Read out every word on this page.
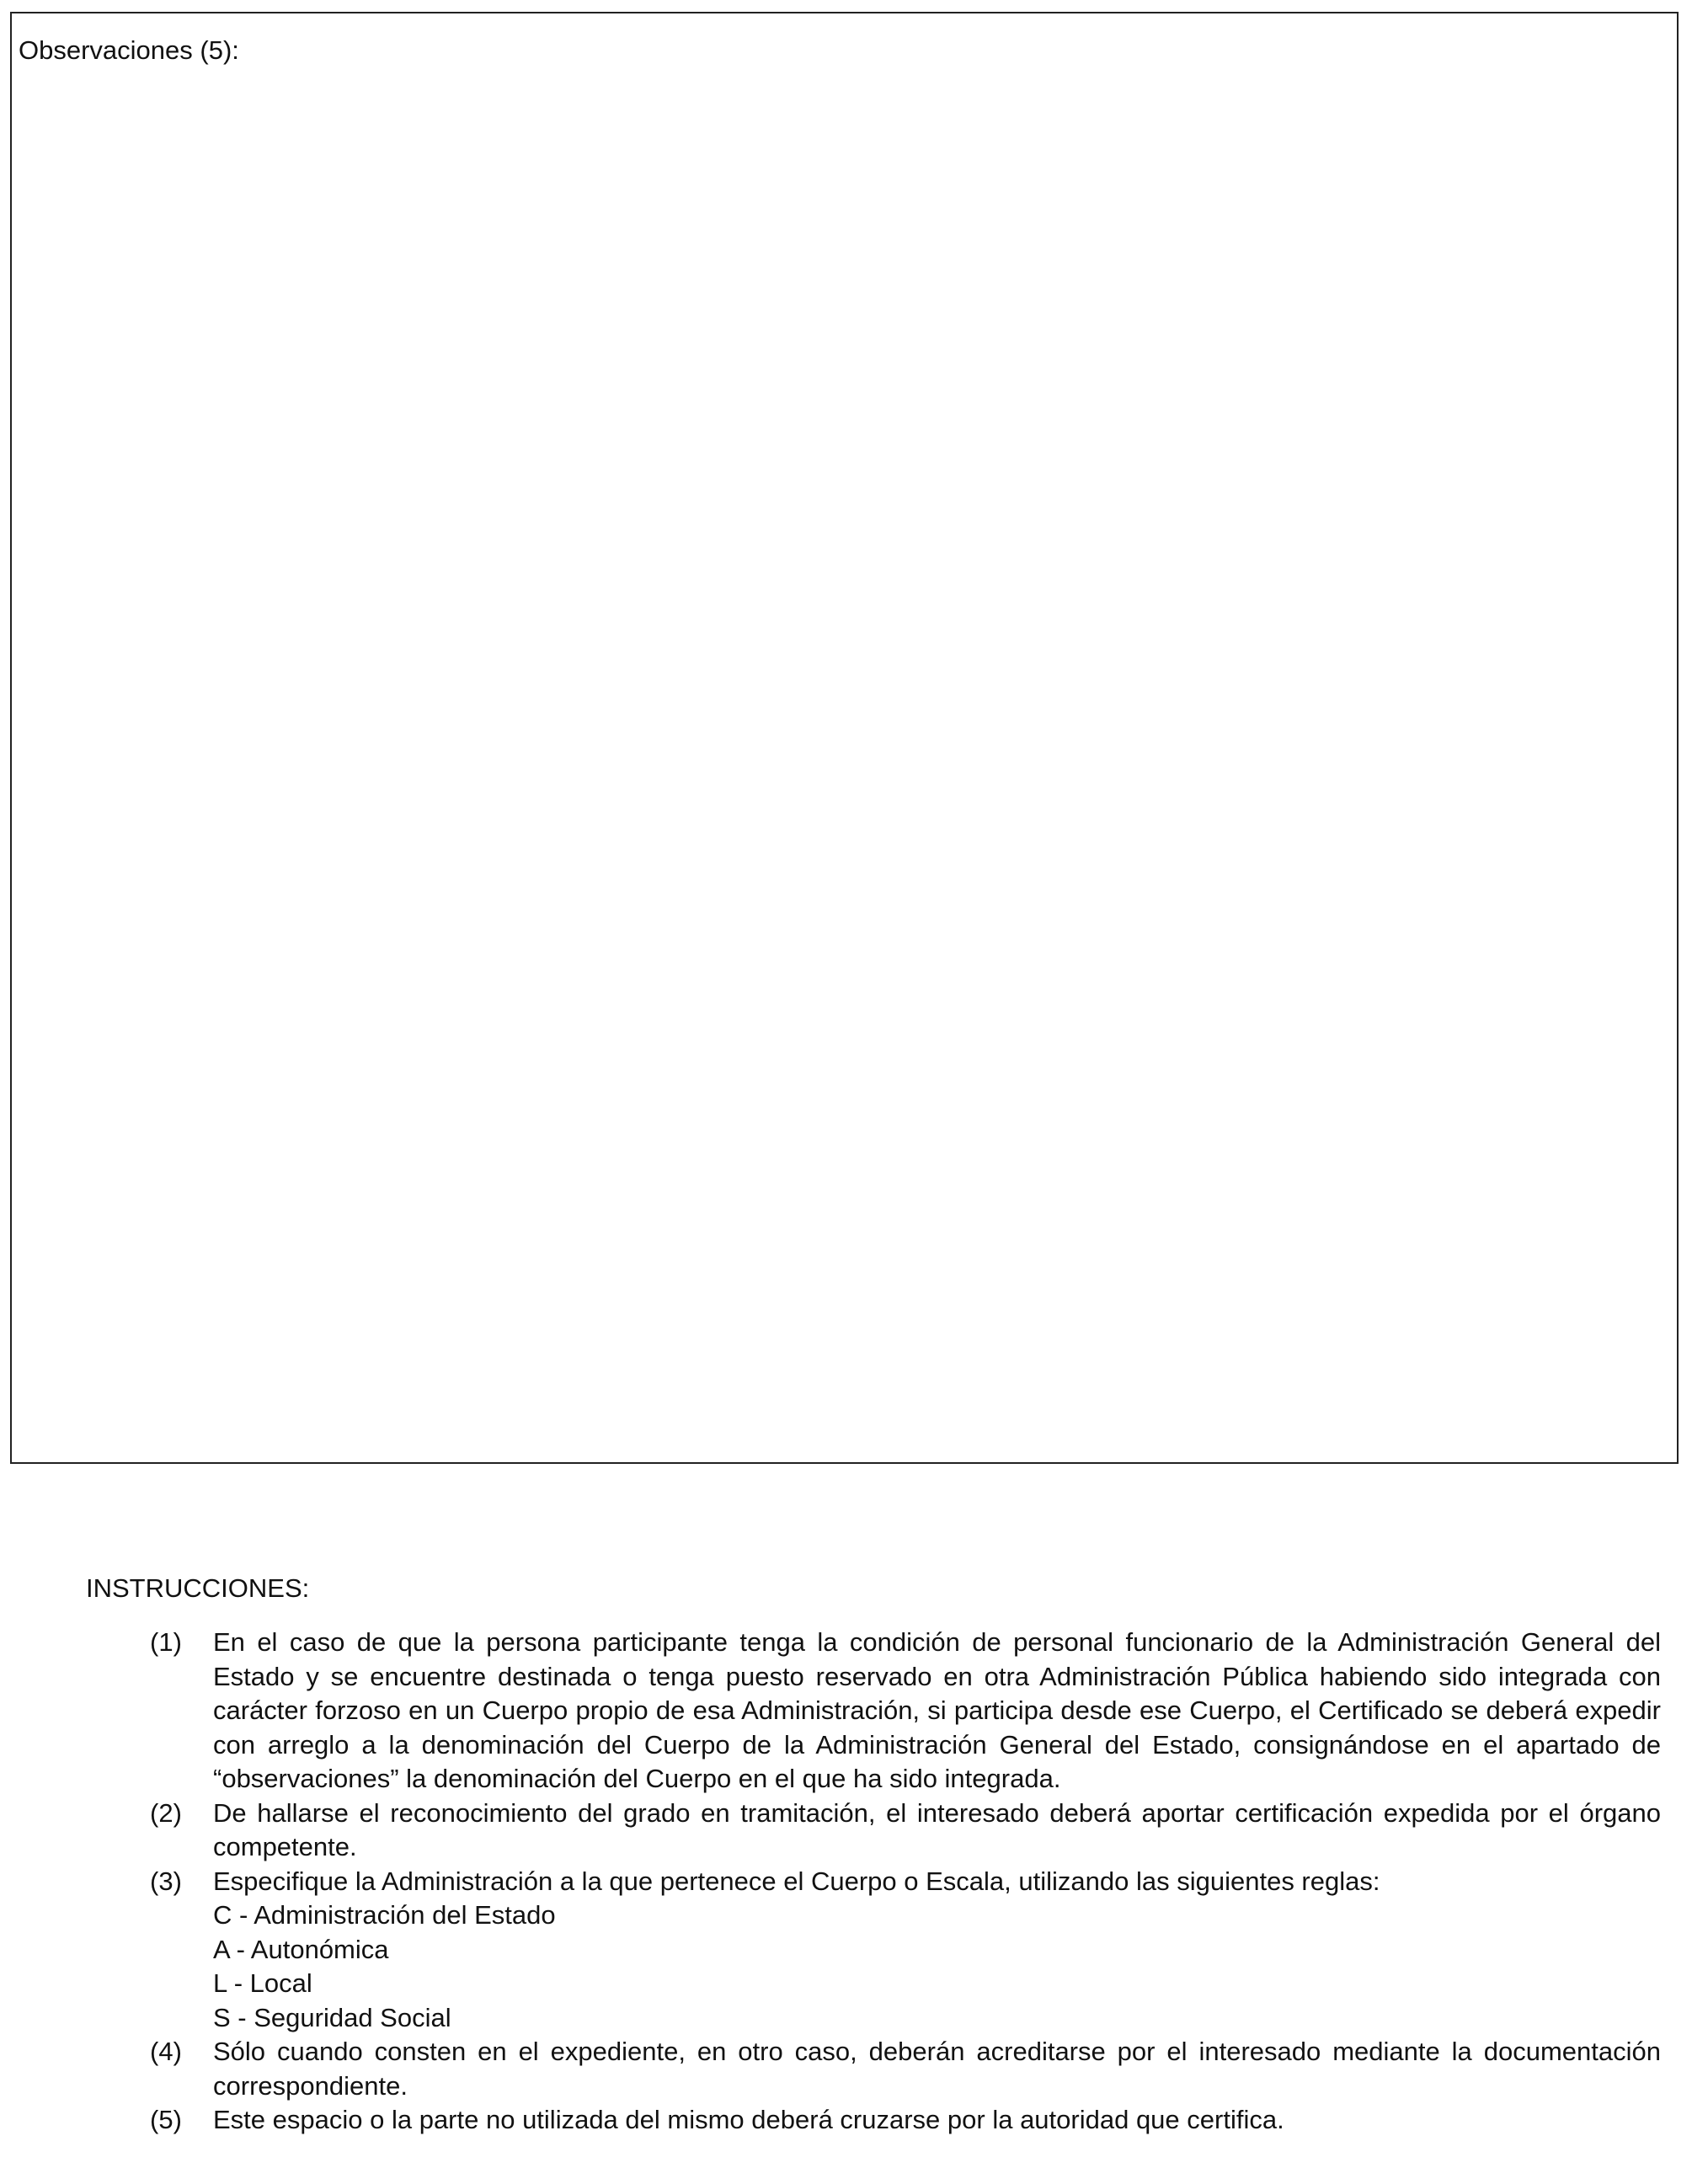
Observaciones (5):
INSTRUCCIONES:
(1) En el caso de que la persona participante tenga la condición de personal funcionario de la Administración General del Estado y se encuentre destinada o tenga puesto reservado en otra Administración Pública habiendo sido integrada con carácter forzoso en un Cuerpo propio de esa Administración, si participa desde ese Cuerpo, el Certificado se deberá expedir con arreglo a la denominación del Cuerpo de la Administración General del Estado, consignándose en el apartado de “observaciones” la denominación del Cuerpo en el que ha sido integrada.
(2) De hallarse el reconocimiento del grado en tramitación, el interesado deberá aportar certificación expedida por el órgano competente.
(3) Especifique la Administración a la que pertenece el Cuerpo o Escala, utilizando las siguientes reglas:
C - Administración del Estado
A - Autonómica
L - Local
S - Seguridad Social
(4) Sólo cuando consten en el expediente, en otro caso, deberán acreditarse por el interesado mediante la documentación correspondiente.
(5) Este espacio o la parte no utilizada del mismo deberá cruzarse por la autoridad que certifica.
